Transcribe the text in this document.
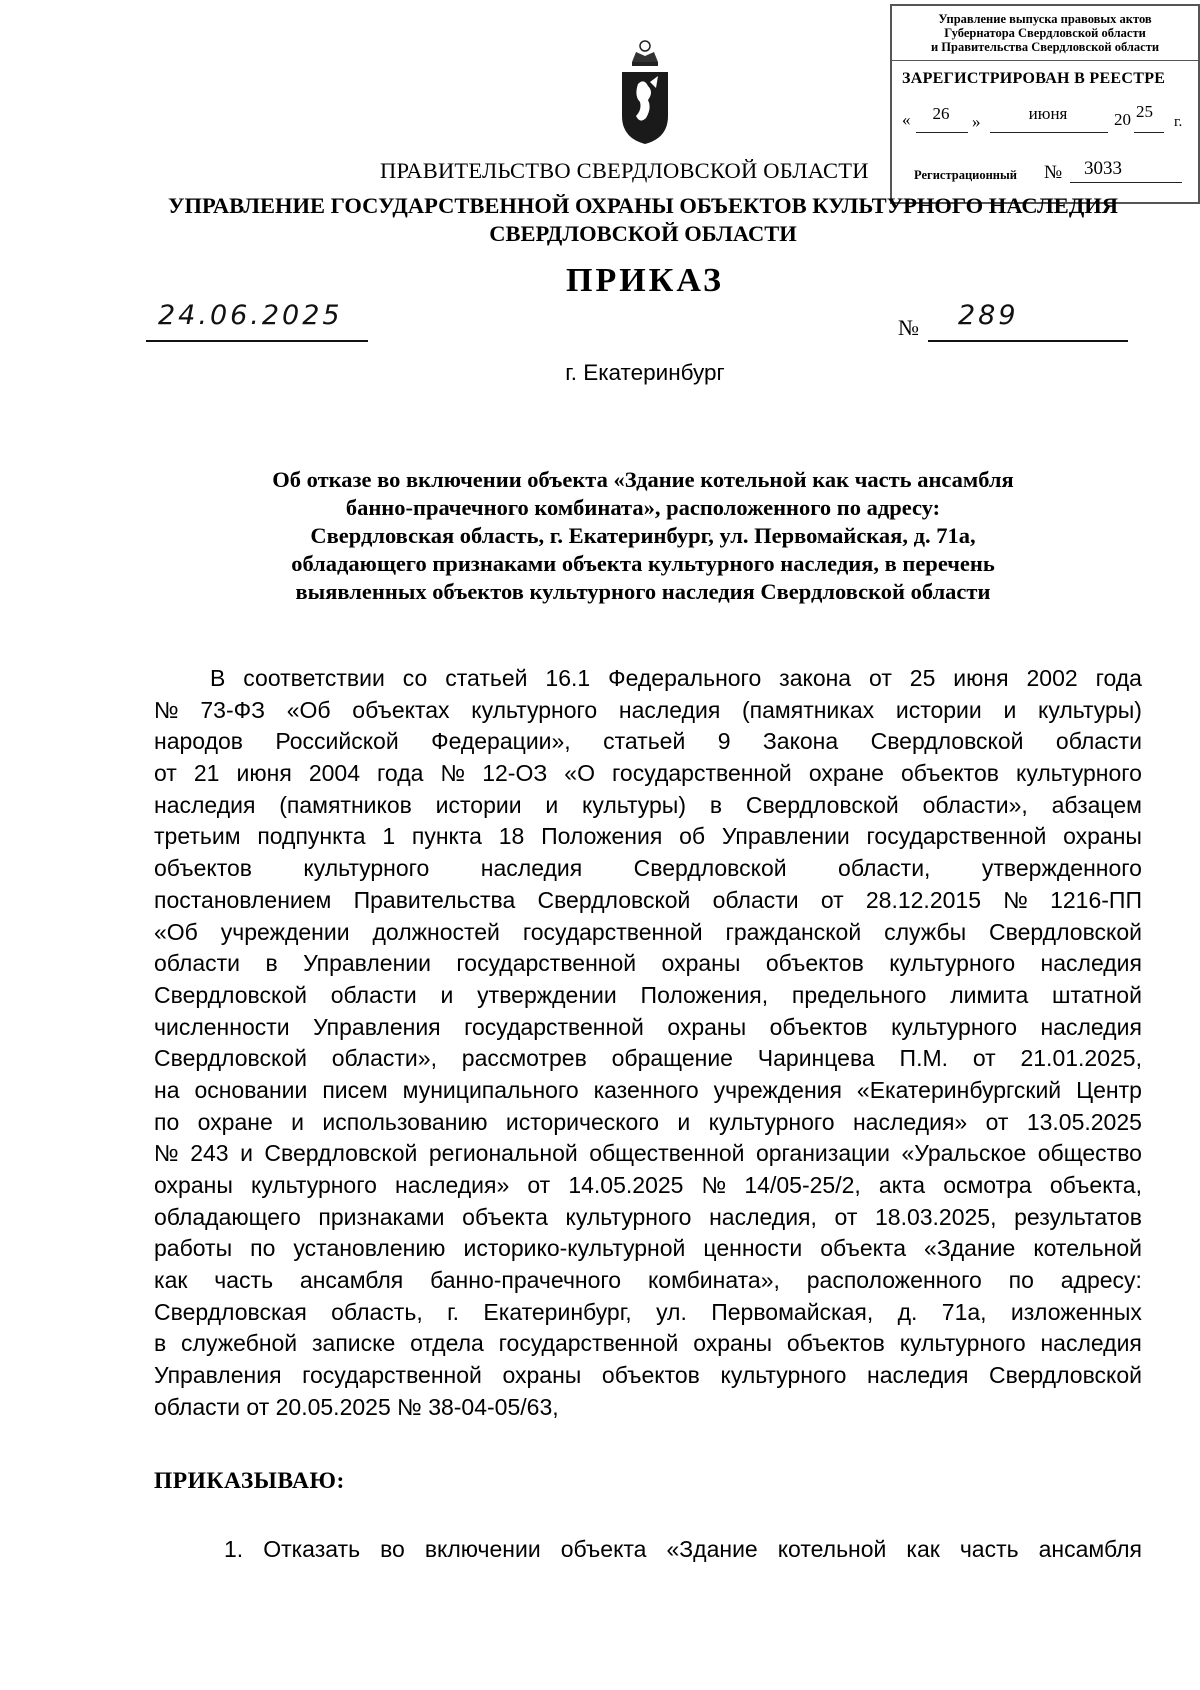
Управление выпуска правовых актов
Губернатора Свердловской области
и Правительства Свердловской области
ЗАРЕГИСТРИРОВАН В РЕЕСТРЕ
«	26	»	июня	20 25
г.
Регистрационный № 3033
ПРАВИТЕЛЬСТВО СВЕРДЛОВСКОЙ ОБЛАСТИ
УПРАВЛЕНИЕ ГОСУДАРСТВЕННОЙ ОХРАНЫ ОБЪЕКТОВ КУЛЬТУРНОГО НАСЛЕДИЯ
СВЕРДЛОВСКОЙ ОБЛАСТИ
ПРИКАЗ
24.06.2025	№ 289
г. Екатеринбург
Об отказе во включении объекта «Здание котельной как часть ансамбля
банно-прачечного комбината», расположенного по адресу:
Свердловская область, г. Екатеринбург, ул. Первомайская, д. 71а,
обладающего признаками объекта культурного наследия, в перечень
выявленных объектов культурного наследия Свердловской области
В соответствии со статьей 16.1 Федерального закона от 25 июня 2002 года
№ 73-ФЗ «Об объектах культурного наследия (памятниках истории и культуры)
народов Российской Федерации», статьей 9 Закона Свердловской области
от 21 июня 2004 года № 12-ОЗ «О государственной охране объектов культурного
наследия (памятников истории и культуры) в Свердловской области», абзацем
третьим подпункта 1 пункта 18 Положения об Управлении государственной охраны
объектов культурного наследия Свердловской области, утвержденного
постановлением Правительства Свердловской области от 28.12.2015 № 1216-ПП
«Об учреждении должностей государственной гражданской службы Свердловской
области в Управлении государственной охраны объектов культурного наследия
Свердловской области и утверждении Положения, предельного лимита штатной
численности Управления государственной охраны объектов культурного наследия
Свердловской области», рассмотрев обращение Чаринцева П.М. от 21.01.2025,
на основании писем муниципального казенного учреждения «Екатеринбургский Центр
по охране и использованию исторического и культурного наследия» от 13.05.2025
№ 243 и Свердловской региональной общественной организации «Уральское общество
охраны культурного наследия» от 14.05.2025 № 14/05-25/2, акта осмотра объекта,
обладающего признаками объекта культурного наследия, от 18.03.2025, результатов
работы по установлению историко-культурной ценности объекта «Здание котельной
как часть ансамбля банно-прачечного комбината», расположенного по адресу:
Свердловская область, г. Екатеринбург, ул. Первомайская, д. 71а, изложенных
в служебной записке отдела государственной охраны объектов культурного наследия
Управления государственной охраны объектов культурного наследия Свердловской
области от 20.05.2025 № 38-04-05/63,
ПРИКАЗЫВАЮ:
1. Отказать во включении объекта «Здание котельной как часть ансамбля
